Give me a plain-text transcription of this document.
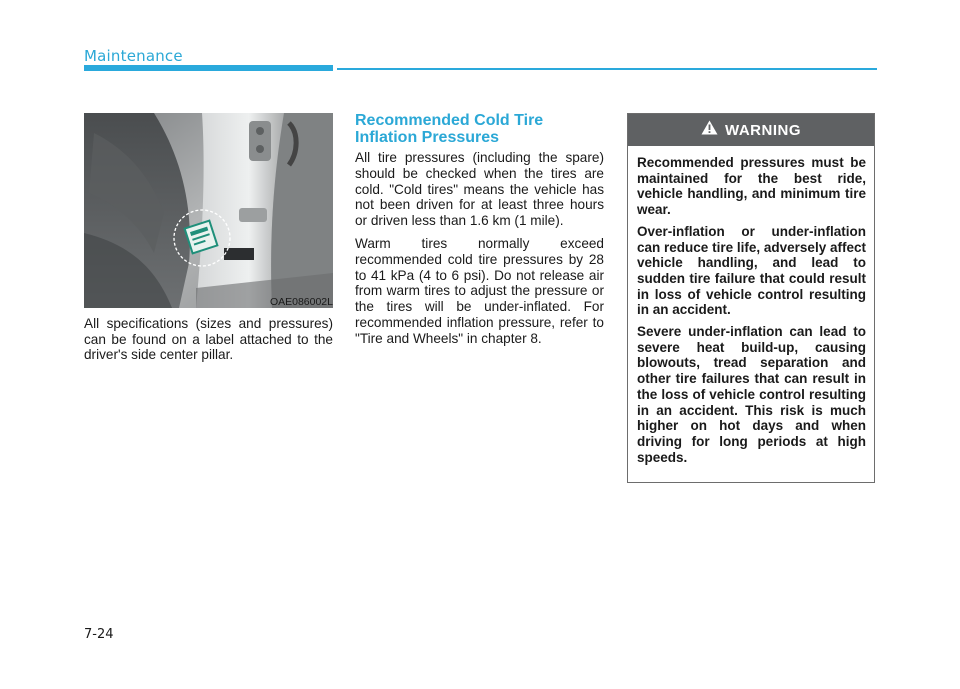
Maintenance
OAE086002L

All specifications (sizes and pressures) can be found on a label attached to the driver's side center pillar.

Recommended Cold Tire Inflation Pressures

All tire pressures (including the spare) should be checked when the tires are cold. "Cold tires" means the vehicle has not been driven for at least three hours or driven less than 1.6 km (1 mile).

Warm tires normally exceed recommended cold tire pressures by 28 to 41 kPa (4 to 6 psi). Do not release air from warm tires to adjust the pressure or the tires will be under-inflated. For recommended inflation pressure, refer to "Tire and Wheels" in chapter 8.

WARNING

Recommended pressures must be maintained for the best ride, vehicle handling, and minimum tire wear.

Over-inflation or under-inflation can reduce tire life, adversely affect vehicle handling, and lead to sudden tire failure that could result in loss of vehicle control resulting in an accident.

Severe under-inflation can lead to severe heat build-up, causing blowouts, tread separation and other tire failures that can result in the loss of vehicle control resulting in an accident. This risk is much higher on hot days and when driving for long periods at high speeds.

7-24
